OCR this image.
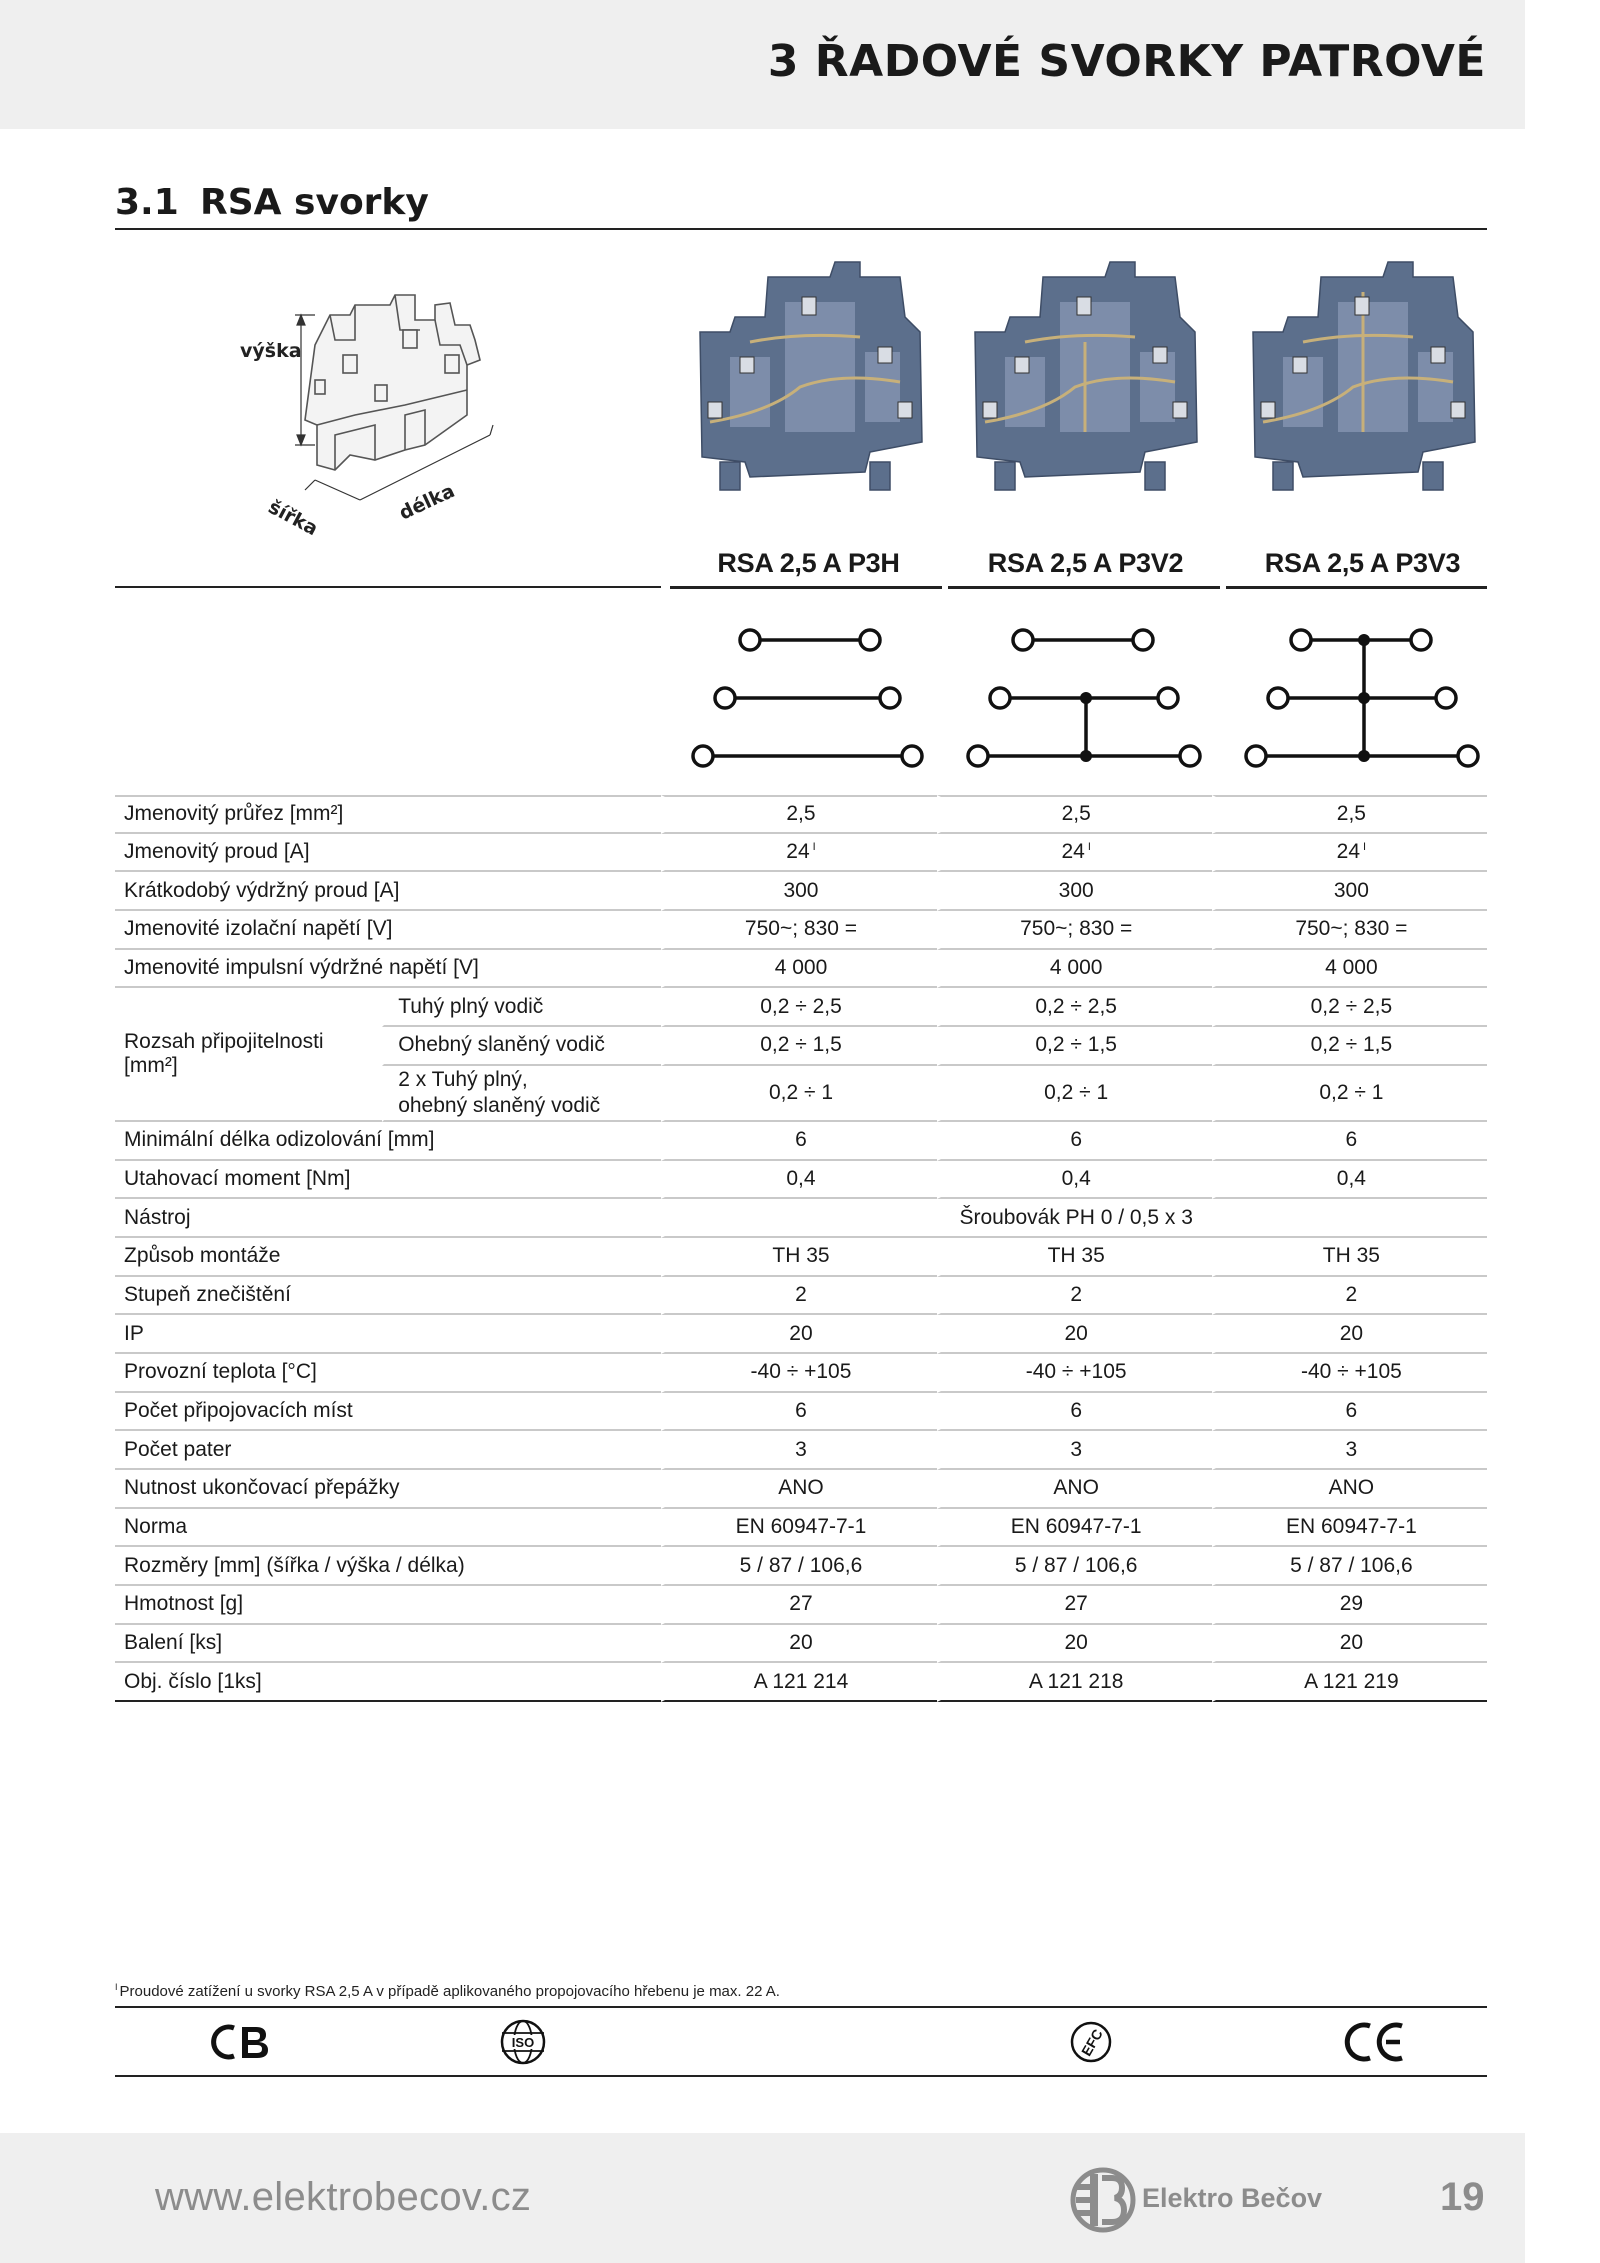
3 ŘADOVÉ SVORKY PATROVÉ
3.1 RSA svorky
výška
délka
šířka
RSA 2,5 A P3H	RSA 2,5 A P3V2	RSA 2,5 A P3V3
Jmenovitý průřez [mm²]		2,5	2,5	2,5
Jmenovitý proud [A]		24 $^I$	24 $^I$	24 $^I$
Krátkodobý výdržný proud [A]		300	300	300
Jmenovité izolační napětí [V]		750~; 830 =	750~; 830 =	750~; 830 =
Jmenovité impulsní výdržné napětí [V]		4 000	4 000	4 000
Rozsah připojitelnosti [mm²]	Tuhý plný vodič	0,2 ÷ 2,5	0,2 ÷ 2,5	0,2 ÷ 2,5
	Ohebný slaněný vodič	0,2 ÷ 1,5	0,2 ÷ 1,5	0,2 ÷ 1,5
	2 x Tuhý plný,
ohebný slaněný vodič	0,2 ÷ 1	0,2 ÷ 1	0,2 ÷ 1
Minimální délka odizolování [mm]		6	6	6
Utahovací moment [Nm]		0,4	0,4	0,4
Nástroj		Šroubovák PH 0 / 0,5 x 3		
Způsob montáže		TH 35	TH 35	TH 35
Stupeň znečištění		2	2	2
IP		20	20	20
Provozní teplota [°C]		-40 ÷ +105	-40 ÷ +105	-40 ÷ +105
Počet připojovacích míst		6	6	6
Počet pater		3	3	3
Nutnost ukončovací přepážky		ANO	ANO	ANO
Norma		EN 60947-7-1	EN 60947-7-1	EN 60947-7-1
Rozměry [mm] (šířka / výška / délka)		5 / 87 / 106,6	5 / 87 / 106,6	5 / 87 / 106,6
Hmotnost [g]		27	27	29
Balení [ks]		20	20	20
Obj. číslo [1ks]		A 121 214	A 121 218	A 121 219
$^I$ Proudové zatížení u svorky RSA 2,5 A v případě aplikovaného propojovacího hřebenu je max. 22 A.
CB
ISO	EFC
CE
www.elektrobecov.cz	Elektro Bečov	19
